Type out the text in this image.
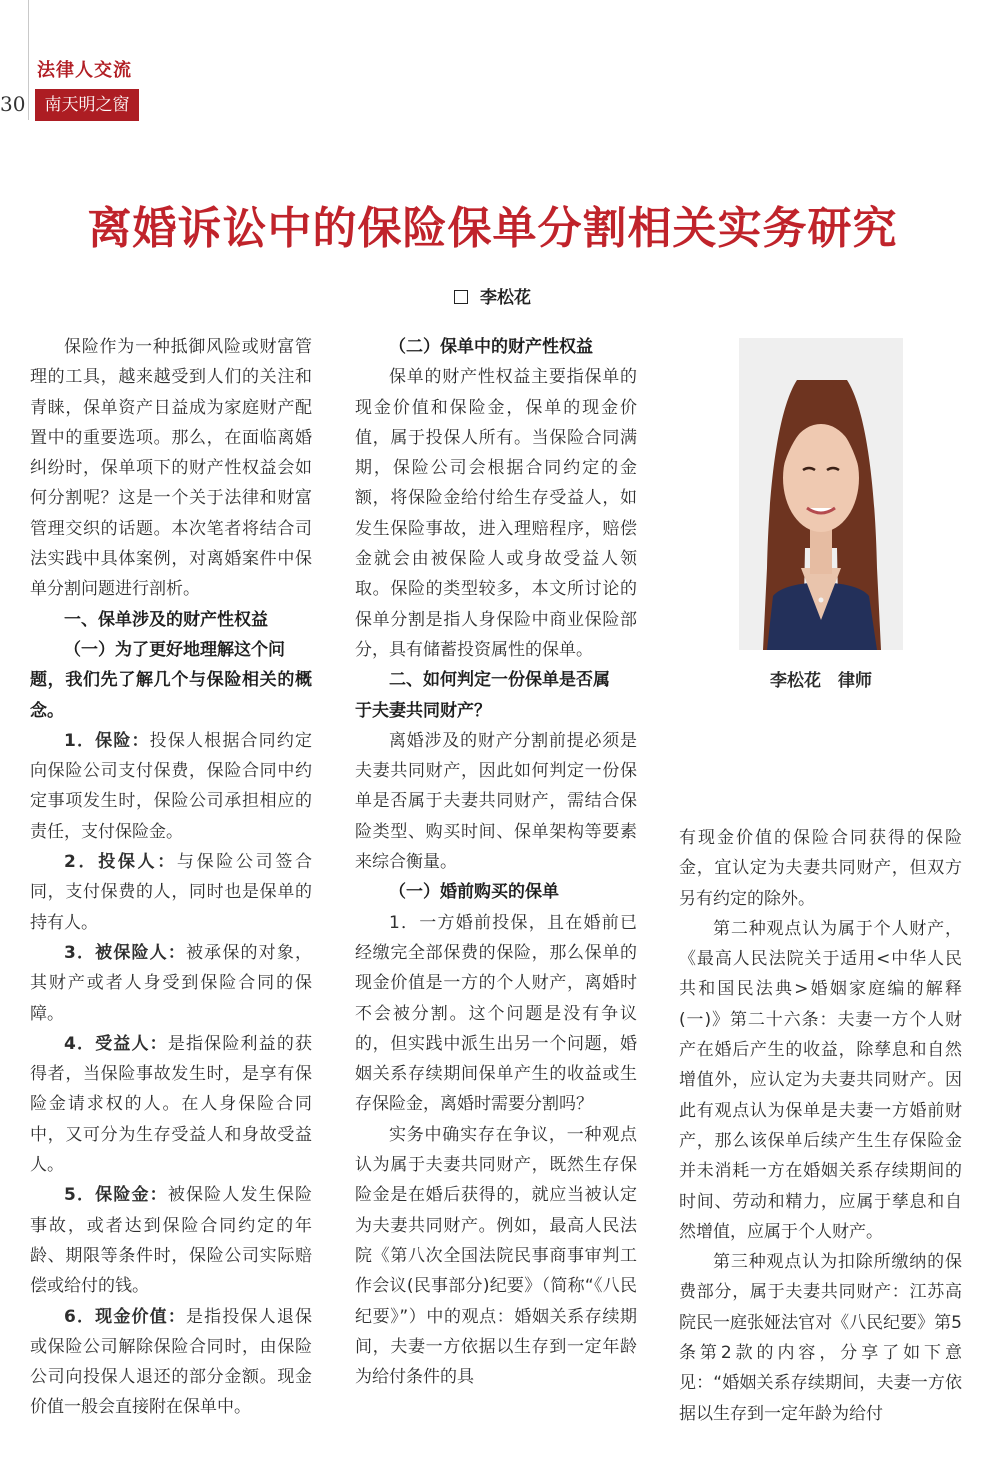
法律人交流
30	南天明之窗
离婚诉讼中的保险保单分割相关实务研究
李松花

保险作为一种抵御风险或财富管理的工具，越来越受到人们的关注和青睐，保单资产日益成为家庭财产配置中的重要选项。那么，在面临离婚纠纷时，保单项下的财产性权益会如何分割呢？这是一个关于法律和财富管理交织的话题。本次笔者将结合司法实践中具体案例，对离婚案件中保单分割问题进行剖析。

一、保单涉及的财产性权益

（一）为了更好地理解这个问

题，我们先了解几个与保险相关的概念。

1．保险：投保人根据合同约定向保险公司支付保费，保险合同中约定事项发生时，保险公司承担相应的责任，支付保险金。

2．投保人：与保险公司签合同，支付保费的人，同时也是保单的持有人。

3．被保险人：被承保的对象，其财产或者人身受到保险合同的保障。

4．受益人：是指保险利益的获得者，当保险事故发生时，是享有保险金请求权的人。在人身保险合同中，又可分为生存受益人和身故受益人。

5．保险金：被保险人发生保险事故，或者达到保险合同约定的年龄、期限等条件时，保险公司实际赔偿或给付的钱。

6．现金价值：是指投保人退保或保险公司解除保险合同时，由保险公司向投保人退还的部分金额。现金价值一般会直接附在保单中。

（二）保单中的财产性权益

保单的财产性权益主要指保单的现金价值和保险金，保单的现金价值，属于投保人所有。当保险合同满期，保险公司会根据合同约定的金额，将保险金给付给生存受益人，如发生保险事故，进入理赔程序，赔偿金就会由被保险人或身故受益人领取。保险的类型较多，本文所讨论的保单分割是指人身保险中商业保险部分，具有储蓄投资属性的保单。

二、如何判定一份保单是否属

于夫妻共同财产？

离婚涉及的财产分割前提必须是夫妻共同财产，因此如何判定一份保单是否属于夫妻共同财产，需结合保险类型、购买时间、保单架构等要素来综合衡量。

（一）婚前购买的保单

1．一方婚前投保，且在婚前已经缴完全部保费的保险，那么保单的现金价值是一方的个人财产，离婚时不会被分割。这个问题是没有争议的，但实践中派生出另一个问题，婚姻关系存续期间保单产生的收益或生存保险金，离婚时需要分割吗？

实务中确实存在争议，一种观点认为属于夫妻共同财产，既然生存保险金是在婚后获得的，就应当被认定为夫妻共同财产。例如，最高人民法院《第八次全国法院民事商事审判工作会议(民事部分)纪要》（简称“《八民纪要》”）中的观点：婚姻关系存续期间，夫妻一方依据以生存到一定年龄为给付条件的具

李松花　律师

有现金价值的保险合同获得的保险金，宜认定为夫妻共同财产，但双方另有约定的除外。

第二种观点认为属于个人财产，《最高人民法院关于适用<中华人民共和国民法典>婚姻家庭编的解释(一)》第二十六条：夫妻一方个人财产在婚后产生的收益，除孳息和自然增值外，应认定为夫妻共同财产。因此有观点认为保单是夫妻一方婚前财产，那么该保单后续产生生存保险金并未消耗一方在婚姻关系存续期间的时间、劳动和精力，应属于孳息和自然增值，应属于个人财产。

第三种观点认为扣除所缴纳的保费部分，属于夫妻共同财产：江苏高院民一庭张娅法官对《八民纪要》第5条第2款的内容，分享了如下意见：“婚姻关系存续期间，夫妻一方依据以生存到一定年龄为给付
